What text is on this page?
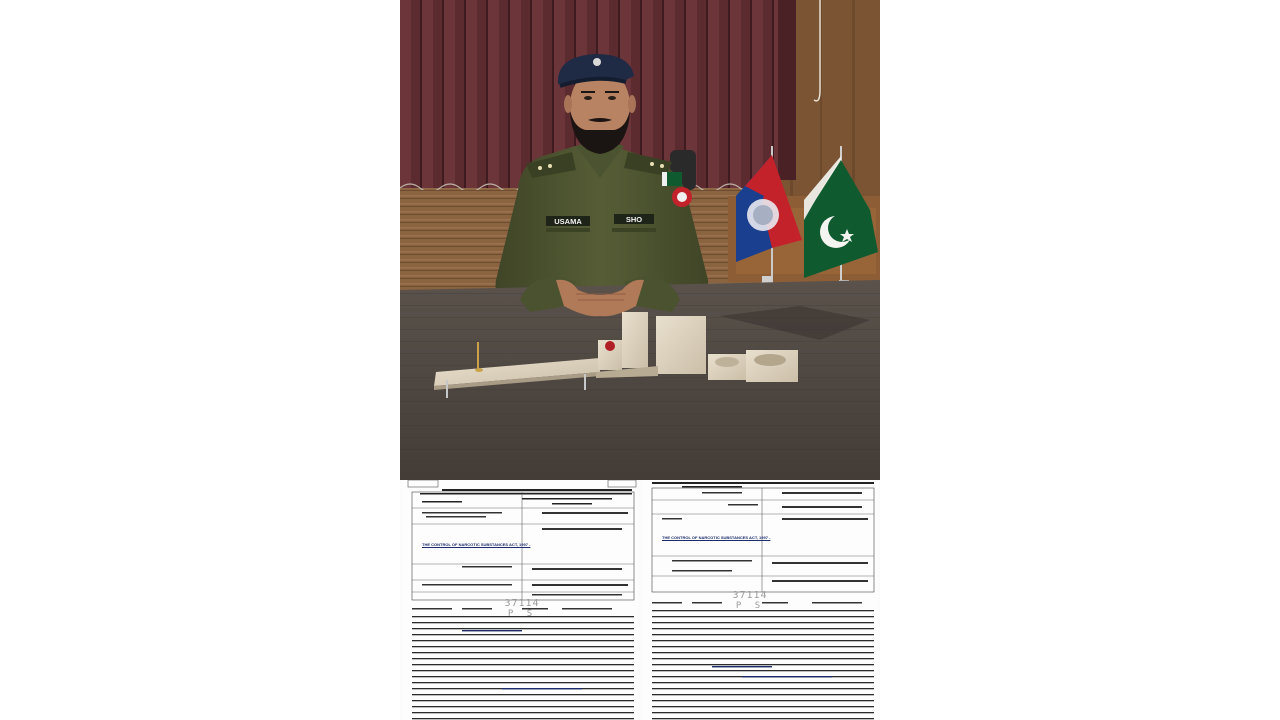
USAMA	SHO
THE CONTROL OF NARCOTIC SUBSTANCES ACT, 1997 -
37114
P S
THE CONTROL OF NARCOTIC SUBSTANCES ACT, 1997 -
37114
P S
